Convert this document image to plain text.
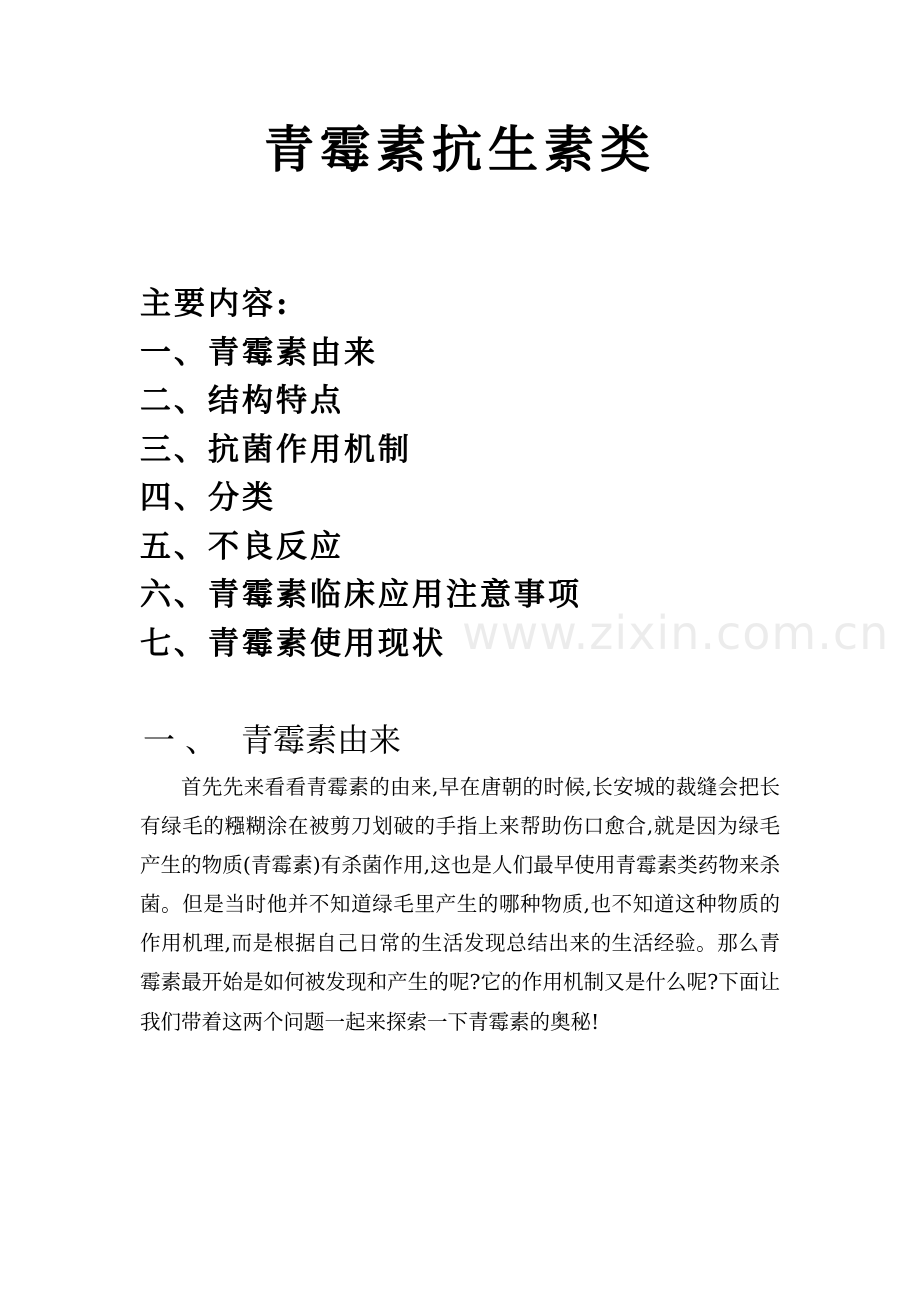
青霉素抗生素类
主要内容:
一、青霉素由来
二、结构特点
三、抗菌作用机制
四、分类
五、不良反应
六、青霉素临床应用注意事项
七、青霉素使用现状 www.zixin.com.cn
一 、 青霉素由来

首先先来看看青霉素的由来,早在唐朝的时候,长安城的裁缝会把长有绿毛的糨糊涂在被剪刀划破的手指上来帮助伤口愈合,就是因为绿毛产生的物质(青霉素)有杀菌作用,这也是人们最早使用青霉素类药物来杀菌。但是当时他并不知道绿毛里产生的哪种物质,也不知道这种物质的作用机理,而是根据自己日常的生活发现总结出来的生活经验。那么青霉素最开始是如何被发现和产生的呢?它的作用机制又是什么呢?下面让我们带着这两个问题一起来探索一下青霉素的奥秘!
